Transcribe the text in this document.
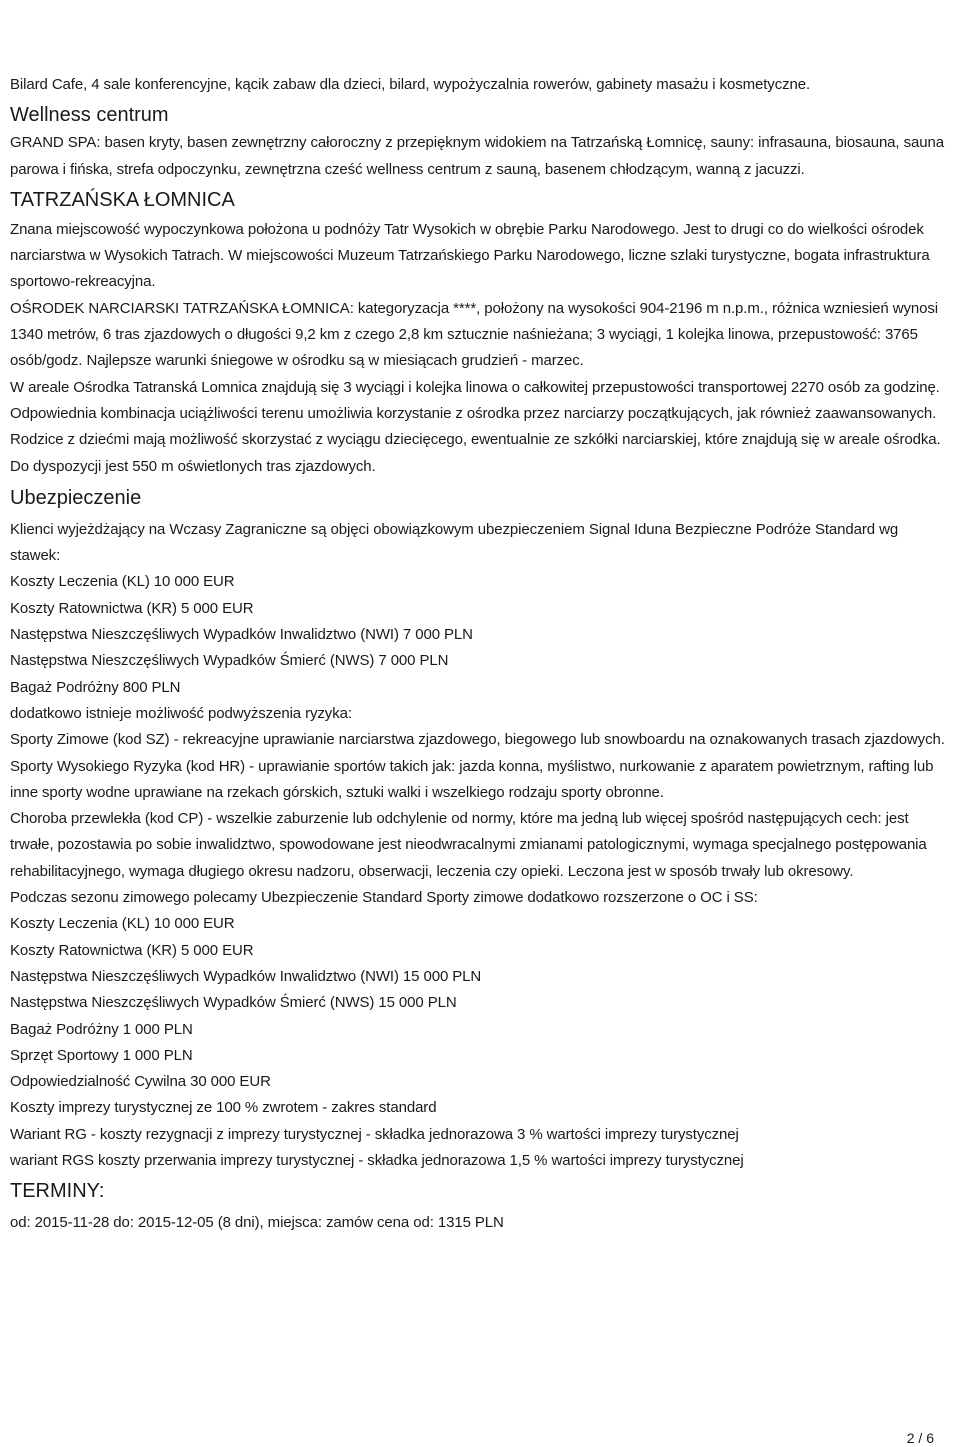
Bilard Cafe, 4 sale konferencyjne, kącik zabaw dla dzieci, bilard, wypożyczalnia rowerów, gabinety masażu i kosmetyczne.

Wellness centrum

GRAND SPA: basen kryty, basen zewnętrzny całoroczny z przepięknym widokiem na Tatrzańską Łomnicę, sauny: infrasauna, biosauna, sauna parowa i fińska, strefa odpoczynku, zewnętrzna cześć wellness centrum z sauną, basenem chłodzącym, wanną z jacuzzi.

TATRZAŃSKA ŁOMNICA

Znana miejscowość wypoczynkowa położona u podnóży Tatr Wysokich w obrębie Parku Narodowego. Jest to drugi co do wielkości ośrodek narciarstwa w Wysokich Tatrach. W miejscowości Muzeum Tatrzańskiego Parku Narodowego, liczne szlaki turystyczne, bogata infrastruktura sportowo-rekreacyjna.

OŚRODEK NARCIARSKI TATRZAŃSKA ŁOMNICA: kategoryzacja ****, położony na wysokości 904-2196 m n.p.m., różnica wzniesień wynosi 1340 metrów, 6 tras zjazdowych o długości 9,2 km z czego 2,8 km sztucznie naśnieżana; 3 wyciągi, 1 kolejka linowa, przepustowość: 3765 osób/godz. Najlepsze warunki śniegowe w ośrodku są w miesiącach grudzień - marzec.

W areale Ośrodka Tatranská Lomnica znajdują się 3 wyciągi i kolejka linowa o całkowitej przepustowości transportowej 2270 osób za godzinę. Odpowiednia kombinacja uciążliwości terenu umożliwia korzystanie z ośrodka przez narciarzy początkujących, jak również zaawansowanych. Rodzice z dziećmi mają możliwość skorzystać z wyciągu dziecięcego, ewentualnie ze szkółki narciarskiej, które znajdują się w areale ośrodka. Do dyspozycji jest 550 m oświetlonych tras zjazdowych.

Ubezpieczenie

Klienci wyjeżdżający na Wczasy Zagraniczne są objęci obowiązkowym ubezpieczeniem Signal Iduna Bezpieczne Podróże Standard wg stawek:

Koszty Leczenia (KL) 10 000 EUR

Koszty Ratownictwa (KR) 5 000 EUR

Następstwa Nieszczęśliwych Wypadków Inwalidztwo (NWI) 7 000 PLN

Następstwa Nieszczęśliwych Wypadków Śmierć (NWS) 7 000 PLN

Bagaż Podróżny 800 PLN

dodatkowo istnieje możliwość podwyższenia ryzyka:

Sporty Zimowe (kod SZ) - rekreacyjne uprawianie narciarstwa zjazdowego, biegowego lub snowboardu na oznakowanych trasach zjazdowych.

Sporty Wysokiego Ryzyka (kod HR) - uprawianie sportów takich jak: jazda konna, myślistwo, nurkowanie z aparatem powietrznym, rafting lub inne sporty wodne uprawiane na rzekach górskich, sztuki walki i wszelkiego rodzaju sporty obronne.

Choroba przewlekła (kod CP) - wszelkie zaburzenie lub odchylenie od normy, które ma jedną lub więcej spośród następujących cech: jest trwałe, pozostawia po sobie inwalidztwo, spowodowane jest nieodwracalnymi zmianami patologicznymi, wymaga specjalnego postępowania rehabilitacyjnego, wymaga długiego okresu nadzoru, obserwacji, leczenia czy opieki. Leczona jest w sposób trwały lub okresowy.

Podczas sezonu zimowego polecamy Ubezpieczenie Standard Sporty zimowe dodatkowo rozszerzone o OC i SS:

Koszty Leczenia (KL) 10 000 EUR

Koszty Ratownictwa (KR) 5 000 EUR

Następstwa Nieszczęśliwych Wypadków Inwalidztwo (NWI) 15 000 PLN

Następstwa Nieszczęśliwych Wypadków Śmierć (NWS) 15 000 PLN

Bagaż Podróżny 1 000 PLN

Sprzęt Sportowy 1 000 PLN

Odpowiedzialność Cywilna 30 000 EUR

Koszty imprezy turystycznej ze 100 % zwrotem - zakres standard

Wariant RG - koszty rezygnacji z imprezy turystycznej - składka jednorazowa 3 % wartości imprezy turystycznej

wariant RGS koszty przerwania imprezy turystycznej - składka jednorazowa 1,5 % wartości imprezy turystycznej

TERMINY:

od: 2015-11-28 do: 2015-12-05 (8 dni), miejsca: zamów cena od: 1315 PLN

2 / 6
